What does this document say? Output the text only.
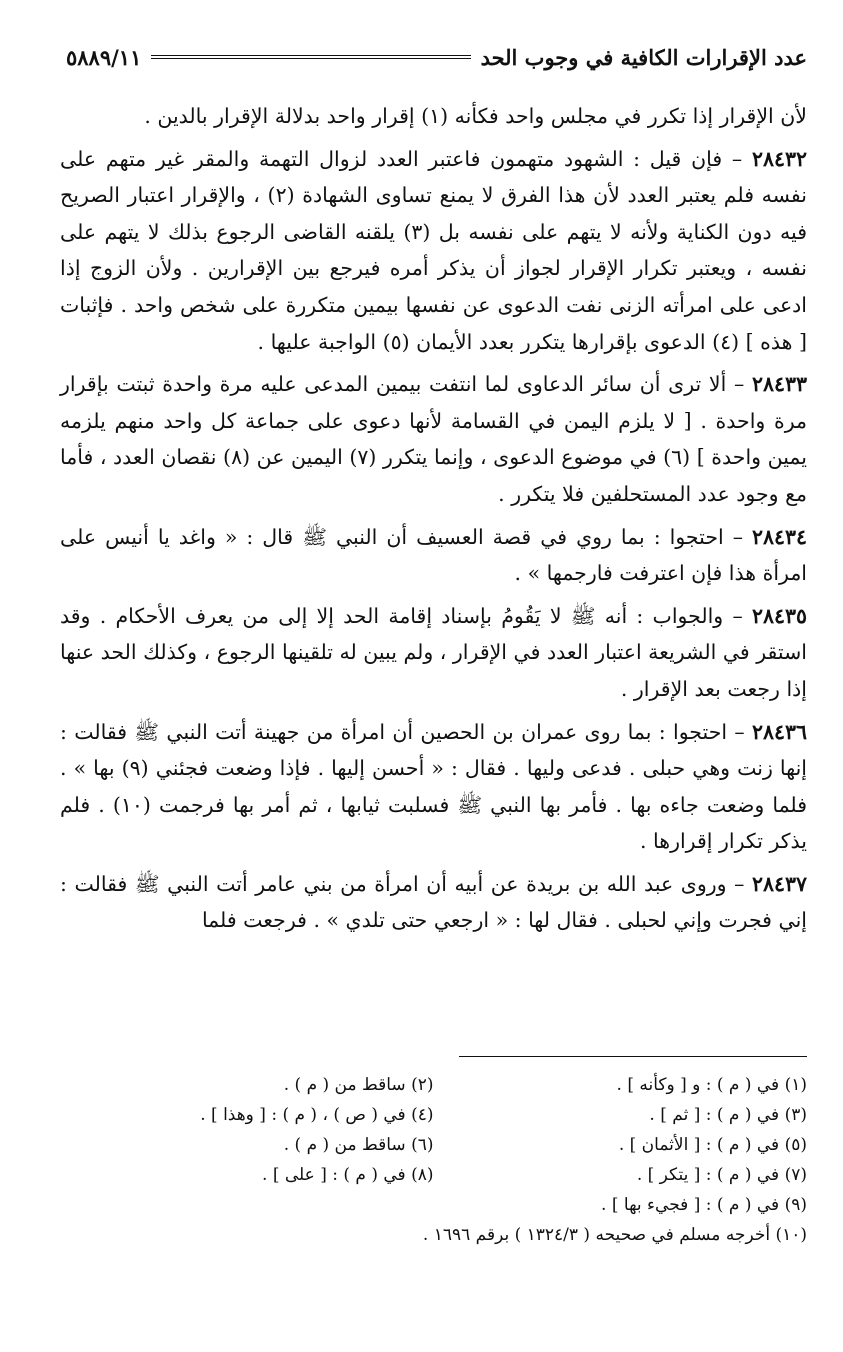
عدد الإقرارات الكافية في وجوب الحد
٥٨٨٩/١١

لأن الإقرار إذا تكرر في مجلس واحد فكأنه (١) إقرار واحد بدلالة الإقرار بالدين .

٢٨٤٣٢ – فإن قيل : الشهود متهمون فاعتبر العدد لزوال التهمة والمقر غير متهم على نفسه فلم يعتبر العدد لأن هذا الفرق لا يمنع تساوى الشهادة (٢) ، والإقرار اعتبار الصريح فيه دون الكناية ولأنه لا يتهم على نفسه بل (٣) يلقنه القاضى الرجوع بذلك لا يتهم على نفسه ، ويعتبر تكرار الإقرار لجواز أن يذكر أمره فيرجع بين الإقرارين . ولأن الزوج إذا ادعى على امرأته الزنى نفت الدعوى عن نفسها بيمين متكررة على شخص واحد . فإثبات [ هذه ] (٤) الدعوى بإقرارها يتكرر بعدد الأيمان (٥) الواجبة عليها .

٢٨٤٣٣ – ألا ترى أن سائر الدعاوى لما انتفت بيمين المدعى عليه مرة واحدة ثبتت بإقرار مرة واحدة . [ لا يلزم اليمن في القسامة لأنها دعوى على جماعة كل واحد منهم يلزمه يمين واحدة ] (٦) في موضوع الدعوى ، وإنما يتكرر (٧) اليمين عن (٨) نقصان العدد ، فأما مع وجود عدد المستحلفين فلا يتكرر .

٢٨٤٣٤ – احتجوا : بما روي في قصة العسيف أن النبي ﷺ قال : « واغد يا أنيس على امرأة هذا فإن اعترفت فارجمها » .

٢٨٤٣٥ – والجواب : أنه ﷺ لا يَقُومُ بإسناد إقامة الحد إلا إلى من يعرف الأحكام . وقد استقر في الشريعة اعتبار العدد في الإقرار ، ولم يبين له تلقينها الرجوع ، وكذلك الحد عنها إذا رجعت بعد الإقرار .

٢٨٤٣٦ – احتجوا : بما روى عمران بن الحصين أن امرأة من جهينة أتت النبي ﷺ فقالت : إنها زنت وهي حبلى . فدعى وليها . فقال : « أحسن إليها . فإذا وضعت فجئني (٩) بها » . فلما وضعت جاءه بها . فأمر بها النبي ﷺ فسلبت ثيابها ، ثم أمر بها فرجمت (١٠) . فلم يذكر تكرار إقرارها .

٢٨٤٣٧ – وروى عبد الله بن بريدة عن أبيه أن امرأة من بني عامر أتت النبي ﷺ فقالت : إني فجرت وإني لحبلى . فقال لها : « ارجعي حتى تلدي » . فرجعت فلما

(١) في ( م ) : و [ وكأنه ] .
(٢) ساقط من ( م ) .
(٣) في ( م ) : [ ثم ] .
(٤) في ( ص ) ، ( م ) : [ وهذا ] .
(٥) في ( م ) : [ الأثمان ] .
(٦) ساقط من ( م ) .
(٧) في ( م ) : [ يتكر ] .
(٨) في ( م ) : [ على ] .
(٩) في ( م ) : [ فجيء بها ] .
(١٠) أخرجه مسلم في صحيحه ( ١٣٢٤/٣ ) برقم ١٦٩٦ .
